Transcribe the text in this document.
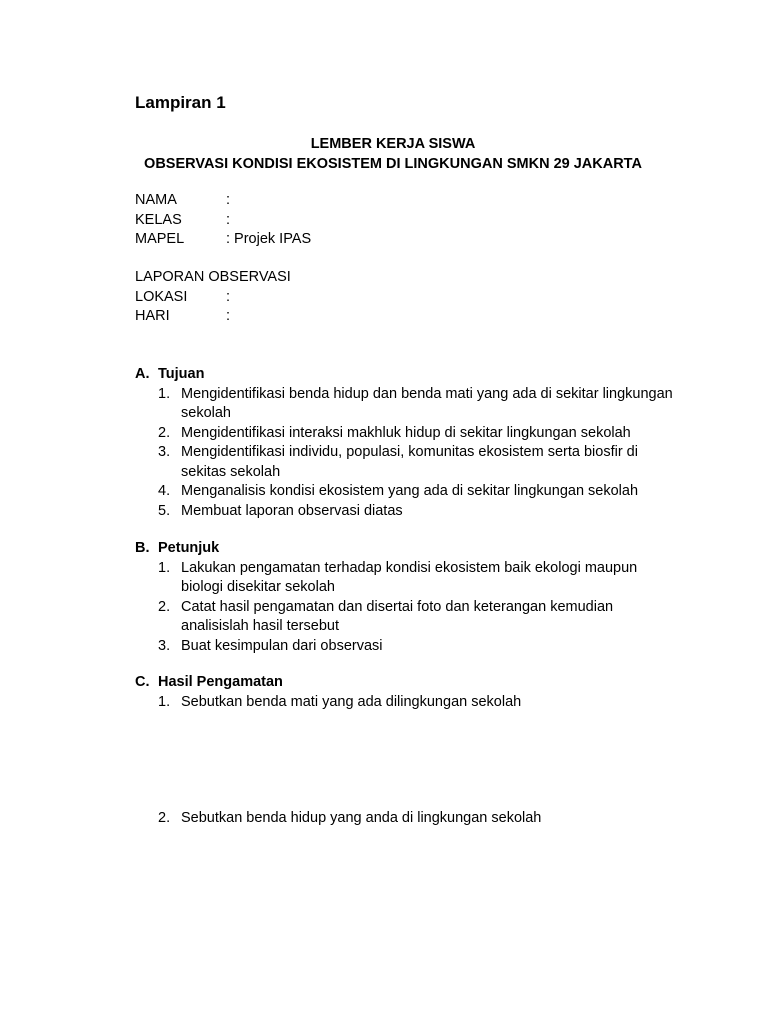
Lampiran 1
LEMBER KERJA SISWA
OBSERVASI KONDISI EKOSISTEM DI LINGKUNGAN SMKN 29 JAKARTA
NAMA	:
KELAS	:
MAPEL	: Projek IPAS
LAPORAN OBSERVASI
LOKASI	:
HARI	:
A. Tujuan
1. Mengidentifikasi benda hidup dan benda mati yang ada di sekitar lingkungan sekolah
2. Mengidentifikasi interaksi makhluk hidup di sekitar lingkungan sekolah
3. Mengidentifikasi individu, populasi, komunitas ekosistem serta biosfir di sekitas sekolah
4. Menganalisis kondisi ekosistem yang ada di sekitar lingkungan sekolah
5. Membuat laporan observasi diatas
B. Petunjuk
1. Lakukan pengamatan terhadap kondisi ekosistem baik ekologi maupun biologi disekitar sekolah
2. Catat hasil pengamatan dan disertai foto dan keterangan kemudian analisislah hasil tersebut
3. Buat kesimpulan dari observasi
C. Hasil Pengamatan
1. Sebutkan benda mati yang ada dilingkungan sekolah
2. Sebutkan benda hidup yang anda di lingkungan sekolah
